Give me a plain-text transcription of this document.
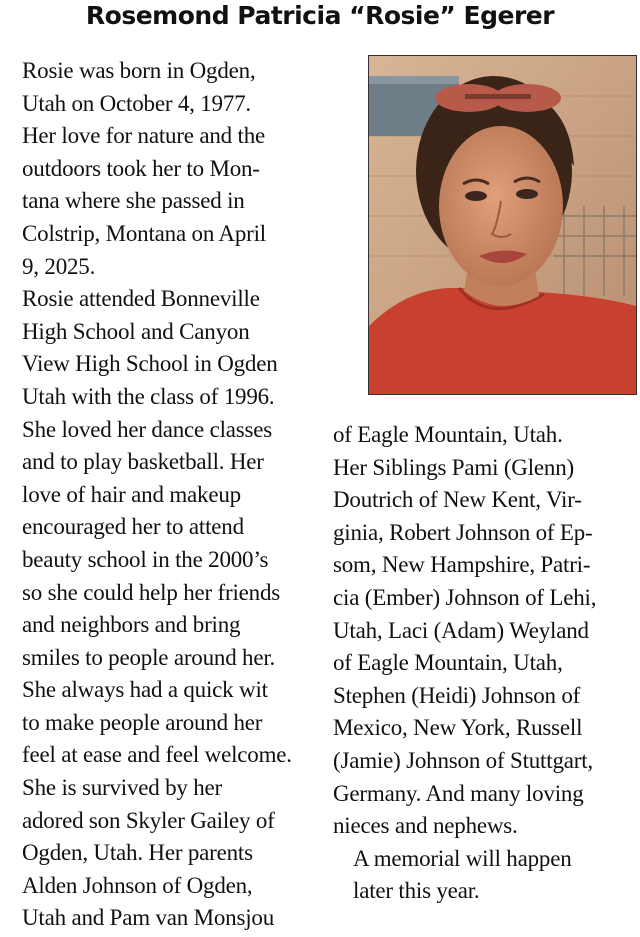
Rosemond Patricia “Rosie” Egerer

Rosie was born in Ogden,
Utah on October 4, 1977.
Her love for nature and the
outdoors took her to Mon-
tana where she passed in
Colstrip, Montana on April
9, 2025.

Rosie attended Bonneville
High School and Canyon
View High School in Ogden
Utah with the class of 1996.
She loved her dance classes
and to play basketball. Her
love of hair and makeup
encouraged her to attend
beauty school in the 2000’s
so she could help her friends
and neighbors and bring
smiles to people around her.
She always had a quick wit
to make people around her
feel at ease and feel welcome.

She is survived by her
adored son Skyler Gailey of
Ogden, Utah. Her parents
Alden Johnson of Ogden,
Utah and Pam van Monsjou

of Eagle Mountain, Utah.
Her Siblings Pami (Glenn)
Doutrich of New Kent, Vir-
ginia, Robert Johnson of Ep-
som, New Hampshire, Patri-
cia (Ember) Johnson of Lehi,
Utah, Laci (Adam) Weyland
of Eagle Mountain, Utah,
Stephen (Heidi) Johnson of
Mexico, New York, Russell
(Jamie) Johnson of Stuttgart,
Germany. And many loving
nieces and nephews.

A memorial will happen
later this year.
